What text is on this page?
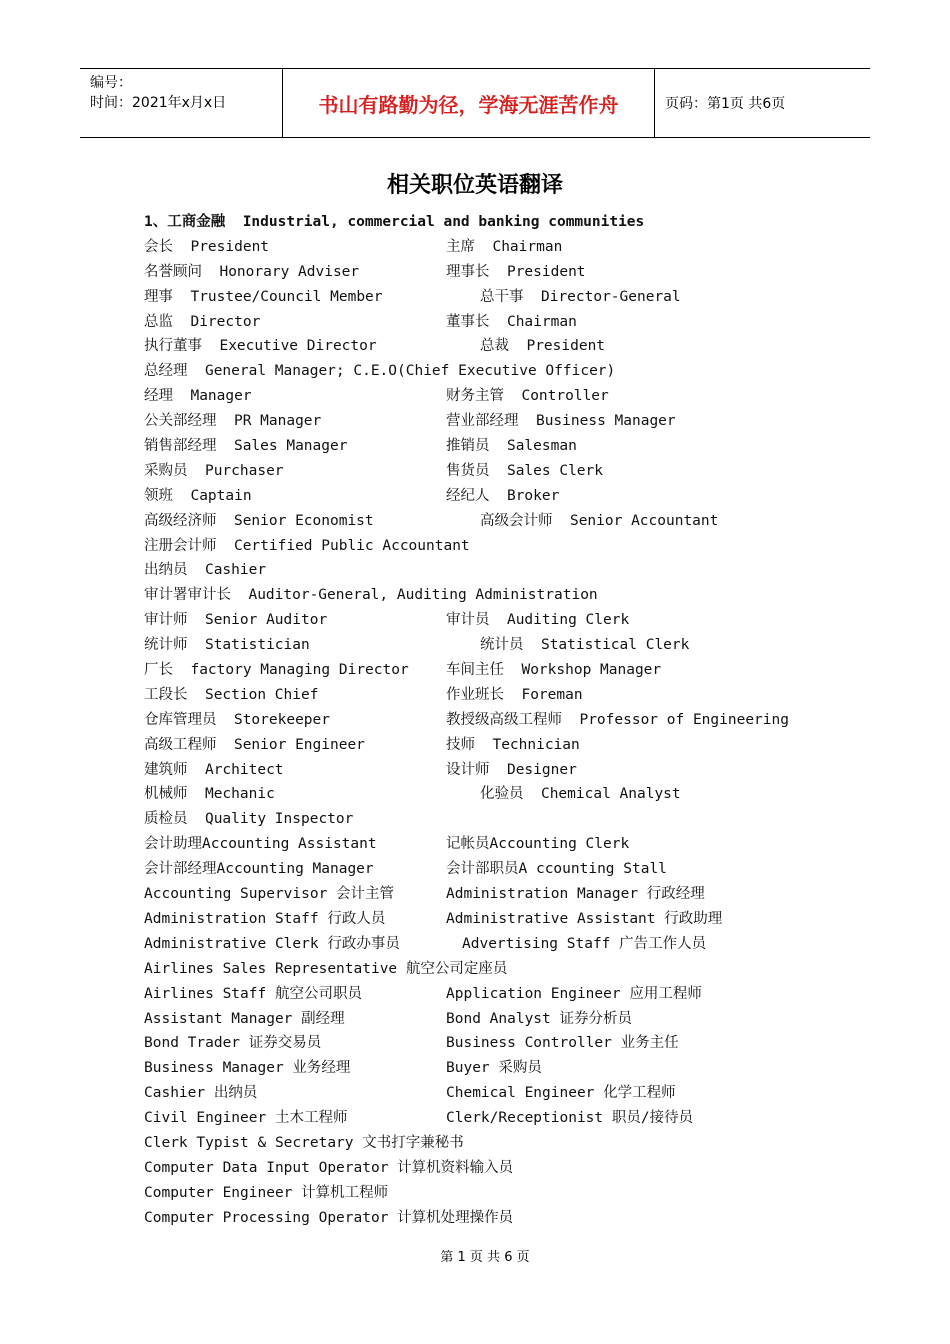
编号：
时间：2021年x月x日	书山有路勤为径，学海无涯苦作舟	页码：第1页 共6页
相关职位英语翻译
1、工商金融  Industrial, commercial and banking communities
会长  President	主席  Chairman
名誉顾问  Honorary Adviser	理事长  President
理事  Trustee/Council Member	总干事  Director-General
总监  Director	董事长  Chairman
执行董事  Executive Director	总裁  President
总经理  General Manager; C.E.O(Chief Executive Officer)
经理  Manager	财务主管  Controller
公关部经理  PR Manager	营业部经理  Business Manager
销售部经理  Sales Manager	推销员  Salesman
采购员  Purchaser	售货员  Sales Clerk
领班  Captain	经纪人  Broker
高级经济师  Senior Economist	高级会计师  Senior Accountant
注册会计师  Certified Public Accountant
出纳员  Cashier
审计署审计长  Auditor-General, Auditing Administration
审计师  Senior Auditor	审计员  Auditing Clerk
统计师  Statistician	统计员  Statistical Clerk
厂长  factory Managing Director	车间主任  Workshop Manager
工段长  Section Chief	作业班长  Foreman
仓库管理员  Storekeeper	教授级高级工程师  Professor of Engineering
高级工程师  Senior Engineer	技师  Technician
建筑师  Architect	设计师  Designer
机械师  Mechanic	化验员  Chemical Analyst
质检员  Quality Inspector
会计助理Accounting Assistant	记帐员Accounting Clerk
会计部经理Accounting Manager	会计部职员A ccounting Stall
Accounting Supervisor 会计主管	Administration Manager 行政经理
Administration Staff 行政人员	Administrative Assistant 行政助理
Administrative Clerk 行政办事员	Advertising Staff 广告工作人员
Airlines Sales Representative 航空公司定座员
Airlines Staff 航空公司职员	Application Engineer 应用工程师
Assistant Manager 副经理	Bond Analyst 证券分析员
Bond Trader 证券交易员	Business Controller 业务主任
Business Manager 业务经理	Buyer 采购员
Cashier 出纳员	Chemical Engineer 化学工程师
Civil Engineer 土木工程师	Clerk/Receptionist 职员/接待员
Clerk Typist & Secretary 文书打字兼秘书
Computer Data Input Operator 计算机资料输入员
Computer Engineer 计算机工程师
Computer Processing Operator 计算机处理操作员
第 1 页 共 6 页
